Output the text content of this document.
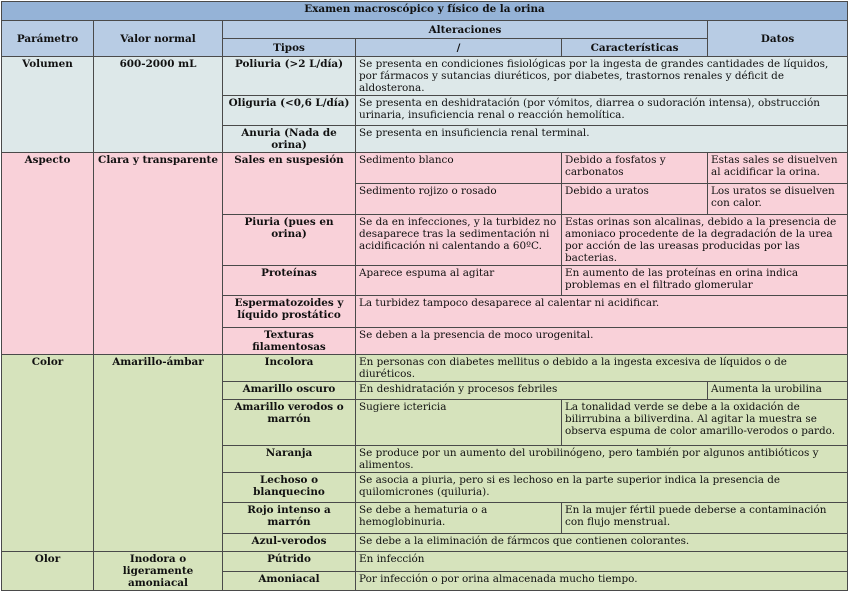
Examen macroscópico y físico de la orina					
Parámetro	Valor normal	Alteraciones			Datos
		Tipos	/	Características	
Volumen	600-2000 mL	Poliuria (>2 L/día)	Se presenta en condiciones fisiológicas por la ingesta de grandes cantidades de líquidos, por fármacos y sutancias diuréticos, por diabetes, trastornos renales y déficit de aldosterona.		
		Oliguria (<0,6 L/día)	Se presenta en deshidratación (por vómitos, diarrea o sudoración intensa), obstrucción urinaria, insuficiencia renal o reacción hemolítica.		
		Anuria (Nada de orina)	Se presenta en insuficiencia renal terminal.		
Aspecto	Clara y transparente	Sales en suspesión	Sedimento blanco	Debido a fosfatos y carbonatos	Estas sales se disuelven al acidificar la orina.
			Sedimento rojizo o rosado	Debido a uratos	Los uratos se disuelven con calor.
		Piuria (pues en orina)	Se da en infecciones, y la turbidez no desaparece tras la sedimentación ni acidificación ni calentando a 60ºC.	Estas orinas son alcalinas, debido a la presencia de amoniaco procedente de la degradación de la urea por acción de las ureasas producidas por las bacterias.	
		Proteínas	Aparece espuma al agitar	En aumento de las proteínas en orina indica problemas en el filtrado glomerular	
		Espermatozoides y líquido prostático	La turbidez tampoco desaparece al calentar ni acidificar.		
		Texturas filamentosas	Se deben a la presencia de moco urogenital.		
Color	Amarillo-ámbar	Incolora	En personas con diabetes mellitus o debido a la ingesta excesiva de líquidos o de diuréticos.		
		Amarillo oscuro	En deshidratación y procesos febriles		Aumenta la urobilina
		Amarillo verodos o marrón	Sugiere ictericia	La tonalidad verde se debe a la oxidación de bilirrubina a biliverdina. Al agitar la muestra se observa espuma de color amarillo-verodos o pardo.	
		Naranja	Se produce por un aumento del urobilinógeno, pero también por algunos antibióticos y alimentos.		
		Lechoso o blanquecino	Se asocia a piuria, pero si es lechoso en la parte superior indica la presencia de quilomicrones (quiluria).		
		Rojo intenso a marrón	Se debe a hematuria o a hemoglobinuria.	En la mujer fértil puede deberse a contaminación con flujo menstrual.	
		Azul-verodos	Se debe a la eliminación de fármcos que contienen colorantes.		
Olor	Inodora o ligeramente amoniacal	Pútrido	En infección		
		Amoniacal	Por infección o por orina almacenada mucho tiempo.		
